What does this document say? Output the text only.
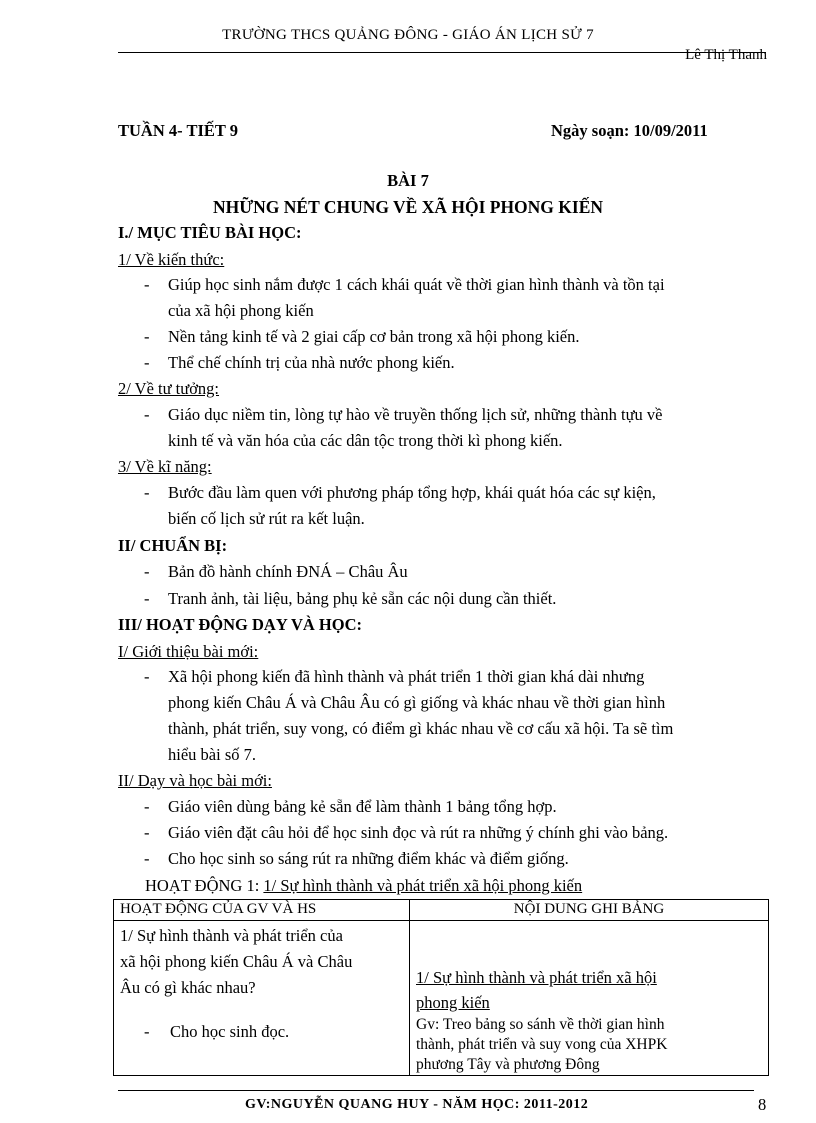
TRƯỜNG THCS QUẢNG ĐÔNG - GIÁO ÁN LỊCH SỬ 7
Lê Thị Thanh
TUẦN 4- TIẾT 9	Ngày soạn: 10/09/2011
BÀI 7
NHỮNG NÉT CHUNG VỀ XÃ HỘI PHONG KIẾN
I./ MỤC TIÊU BÀI HỌC:
1/ Về kiến thức:
- Giúp học sinh nắm được 1 cách khái quát về thời gian hình thành và tồn tại
của xã hội phong kiến
- Nền tảng kinh tế và 2 giai cấp cơ bản trong xã hội phong kiến.
- Thể chế chính trị của nhà nước phong kiến.
2/ Về tư tưởng:
- Giáo dục niềm tin, lòng tự hào về truyền thống lịch sử, những thành tựu về
kinh tế và văn hóa của các dân tộc trong thời kì phong kiến.
3/ Về kĩ năng:
- Bước đầu làm quen với phương pháp tổng hợp, khái quát hóa các sự kiện,
biến cố lịch sử rút ra kết luận.
II/ CHUẨN BỊ:
- Bản đồ hành chính ĐNÁ – Châu Âu
- Tranh ảnh, tài liệu, bảng phụ kẻ sẵn các nội dung cần thiết.
III/ HOẠT ĐỘNG DẠY VÀ HỌC:
I/ Giới thiệu bài mới:
- Xã hội phong kiến đã hình thành và phát triển 1 thời gian khá dài nhưng
phong kiến Châu Á và Châu Âu có gì giống và khác nhau về thời gian hình
thành, phát triển, suy vong, có điểm gì khác nhau về cơ cấu xã hội. Ta sẽ tìm
hiểu bài số 7.
II/ Dạy và học bài mới:
- Giáo viên dùng bảng kẻ sẵn để làm thành 1 bảng tổng hợp.
- Giáo viên đặt câu hỏi để học sinh đọc và rút ra những ý chính ghi vào bảng.
- Cho học sinh so sáng rút ra những điểm khác và điểm giống.
HOẠT ĐỘNG 1: 1/ Sự hình thành và phát triển xã hội phong kiến
HOẠT ĐỘNG CỦA GV VÀ HS	NỘI DUNG GHI BẢNG

1/ Sự hình thành và phát triển của
xã hội phong kiến Châu Á và Châu
Âu có gì khác nhau?
- Cho học sinh đọc.	1/ Sự hình thành và phát triển xã hội
phong kiến
Gv: Treo bảng so sánh về thời gian hình
thành, phát triển và suy vong của XHPK
phương Tây và phương Đông
GV:NGUYỄN QUANG HUY - NĂM HỌC: 2011-2012	8
